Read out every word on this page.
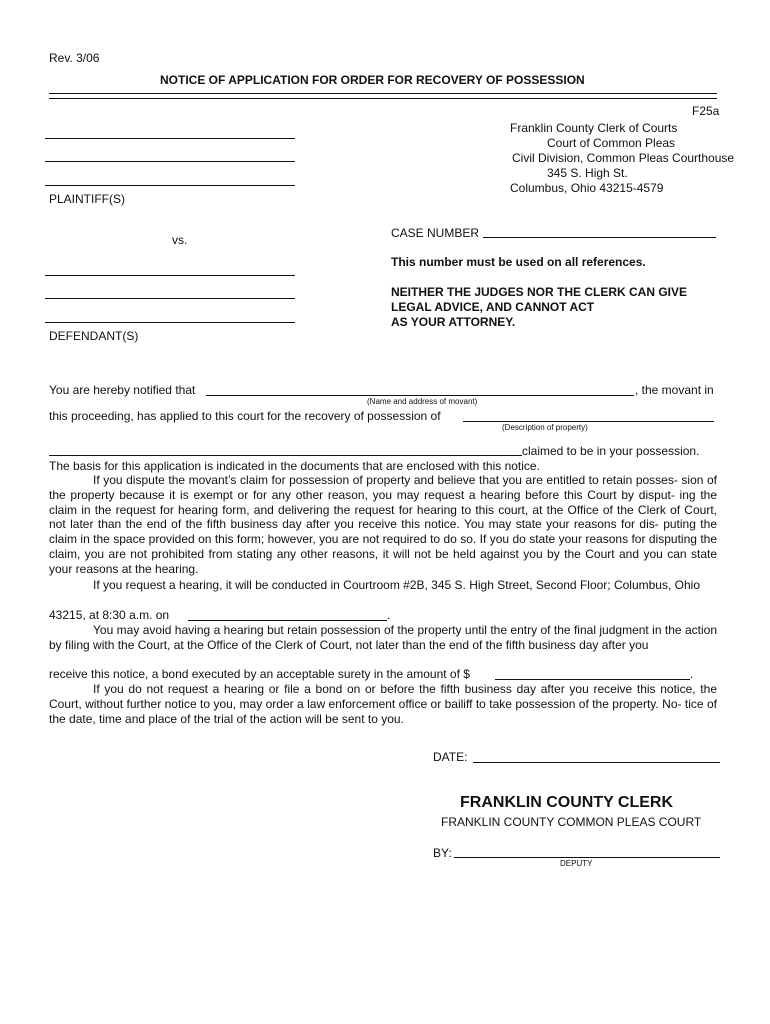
Rev. 3/06
NOTICE OF APPLICATION FOR ORDER FOR RECOVERY OF POSSESSION
F25a
Franklin County Clerk of Courts
Court of Common Pleas
Civil Division, Common Pleas Courthouse
345 S. High St.
Columbus, Ohio 43215-4579
PLAINTIFF(S)
vs.	CASE NUMBER
This number must be used on all references.
NEITHER THE JUDGES NOR THE CLERK CAN GIVE
LEGAL ADVICE, AND CANNOT ACT
AS YOUR ATTORNEY.
DEFENDANT(S)
You are hereby notified that	, the movant in
(Name and address of movant)
this proceeding, has applied to this court for the recovery of possession of
(Description of property)
claimed to be in your possession.
The basis for this application is indicated in the documents that are enclosed with this notice.
If you dispute the movant’s claim for possession of property and believe that you are entitled to retain posses- sion of the property because it is exempt or for any other reason, you may request a hearing before this Court by disput- ing the claim in the request for hearing form, and delivering the request for hearing to this court, at the Office of the Clerk of Court, not later than the end of the fifth business day after you receive this notice. You may state your reasons for dis- puting the claim in the space provided on this form; however, you are not required to do so. If you do state your reasons for disputing the claim, you are not prohibited from stating any other reasons, it will not be held against you by the Court and you can state your reasons at the hearing.
If you request a hearing, it will be conducted in Courtroom #2B, 345 S. High Street, Second Floor; Columbus, Ohio
43215, at 8:30 a.m. on	.
You may avoid having a hearing but retain possession of the property until the entry of the final judgment in the action by filing with the Court, at the Office of the Clerk of Court, not later than the end of the fifth business day after you
receive this notice, a bond executed by an acceptable surety in the amount of $	.
If you do not request a hearing or file a bond on or before the fifth business day after you receive this notice, the Court, without further notice to you, may order a law enforcement office or bailiff to take possession of the property. No- tice of the date, time and place of the trial of the action will be sent to you.
DATE:
FRANKLIN COUNTY CLERK
FRANKLIN COUNTY COMMON PLEAS COURT
BY:
DEPUTY
